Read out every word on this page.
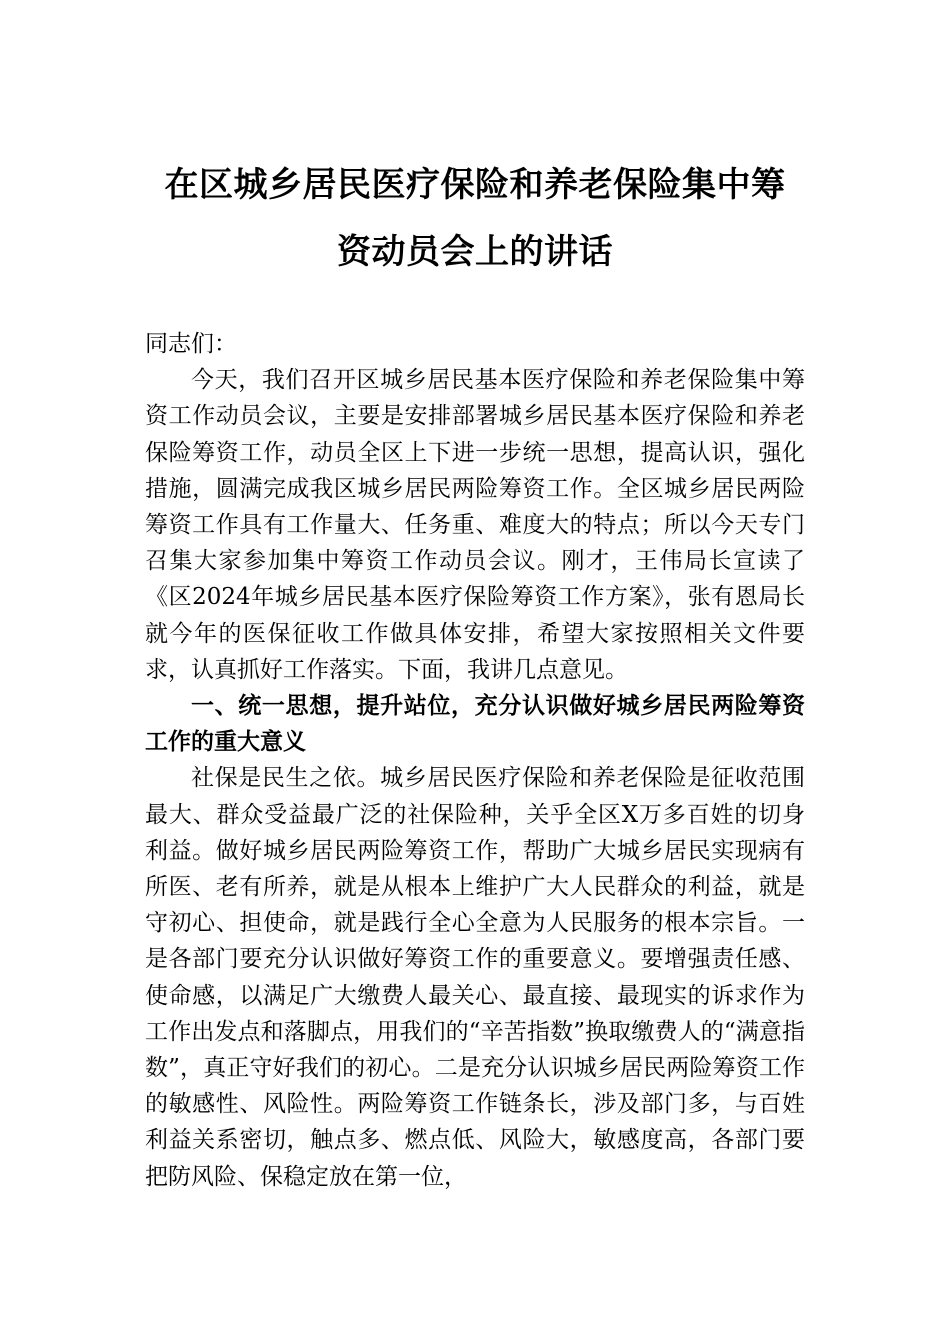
在区城乡居民医疗保险和养老保险集中筹
资动员会上的讲话

同志们：

今天，我们召开区城乡居民基本医疗保险和养老保险集中筹资工作动员会议，主要是安排部署城乡居民基本医疗保险和养老保险筹资工作，动员全区上下进一步统一思想，提高认识，强化措施，圆满完成我区城乡居民两险筹资工作。全区城乡居民两险筹资工作具有工作量大、任务重、难度大的特点；所以今天专门召集大家参加集中筹资工作动员会议。刚才，王伟局长宣读了《区2024年城乡居民基本医疗保险筹资工作方案》，张有恩局长就今年的医保征收工作做具体安排，希望大家按照相关文件要求，认真抓好工作落实。下面，我讲几点意见。

一、统一思想，提升站位，充分认识做好城乡居民两险筹资工作的重大意义

社保是民生之依。城乡居民医疗保险和养老保险是征收范围最大、群众受益最广泛的社保险种，关乎全区X万多百姓的切身利益。做好城乡居民两险筹资工作，帮助广大城乡居民实现病有所医、老有所养，就是从根本上维护广大人民群众的利益，就是守初心、担使命，就是践行全心全意为人民服务的根本宗旨。一是各部门要充分认识做好筹资工作的重要意义。要增强责任感、使命感，以满足广大缴费人最关心、最直接、最现实的诉求作为工作出发点和落脚点，用我们的“辛苦指数”换取缴费人的“满意指数”，真正守好我们的初心。二是充分认识城乡居民两险筹资工作的敏感性、风险性。两险筹资工作链条长，涉及部门多，与百姓利益关系密切，触点多、燃点低、风险大，敏感度高，各部门要把防风险、保稳定放在第一位，
